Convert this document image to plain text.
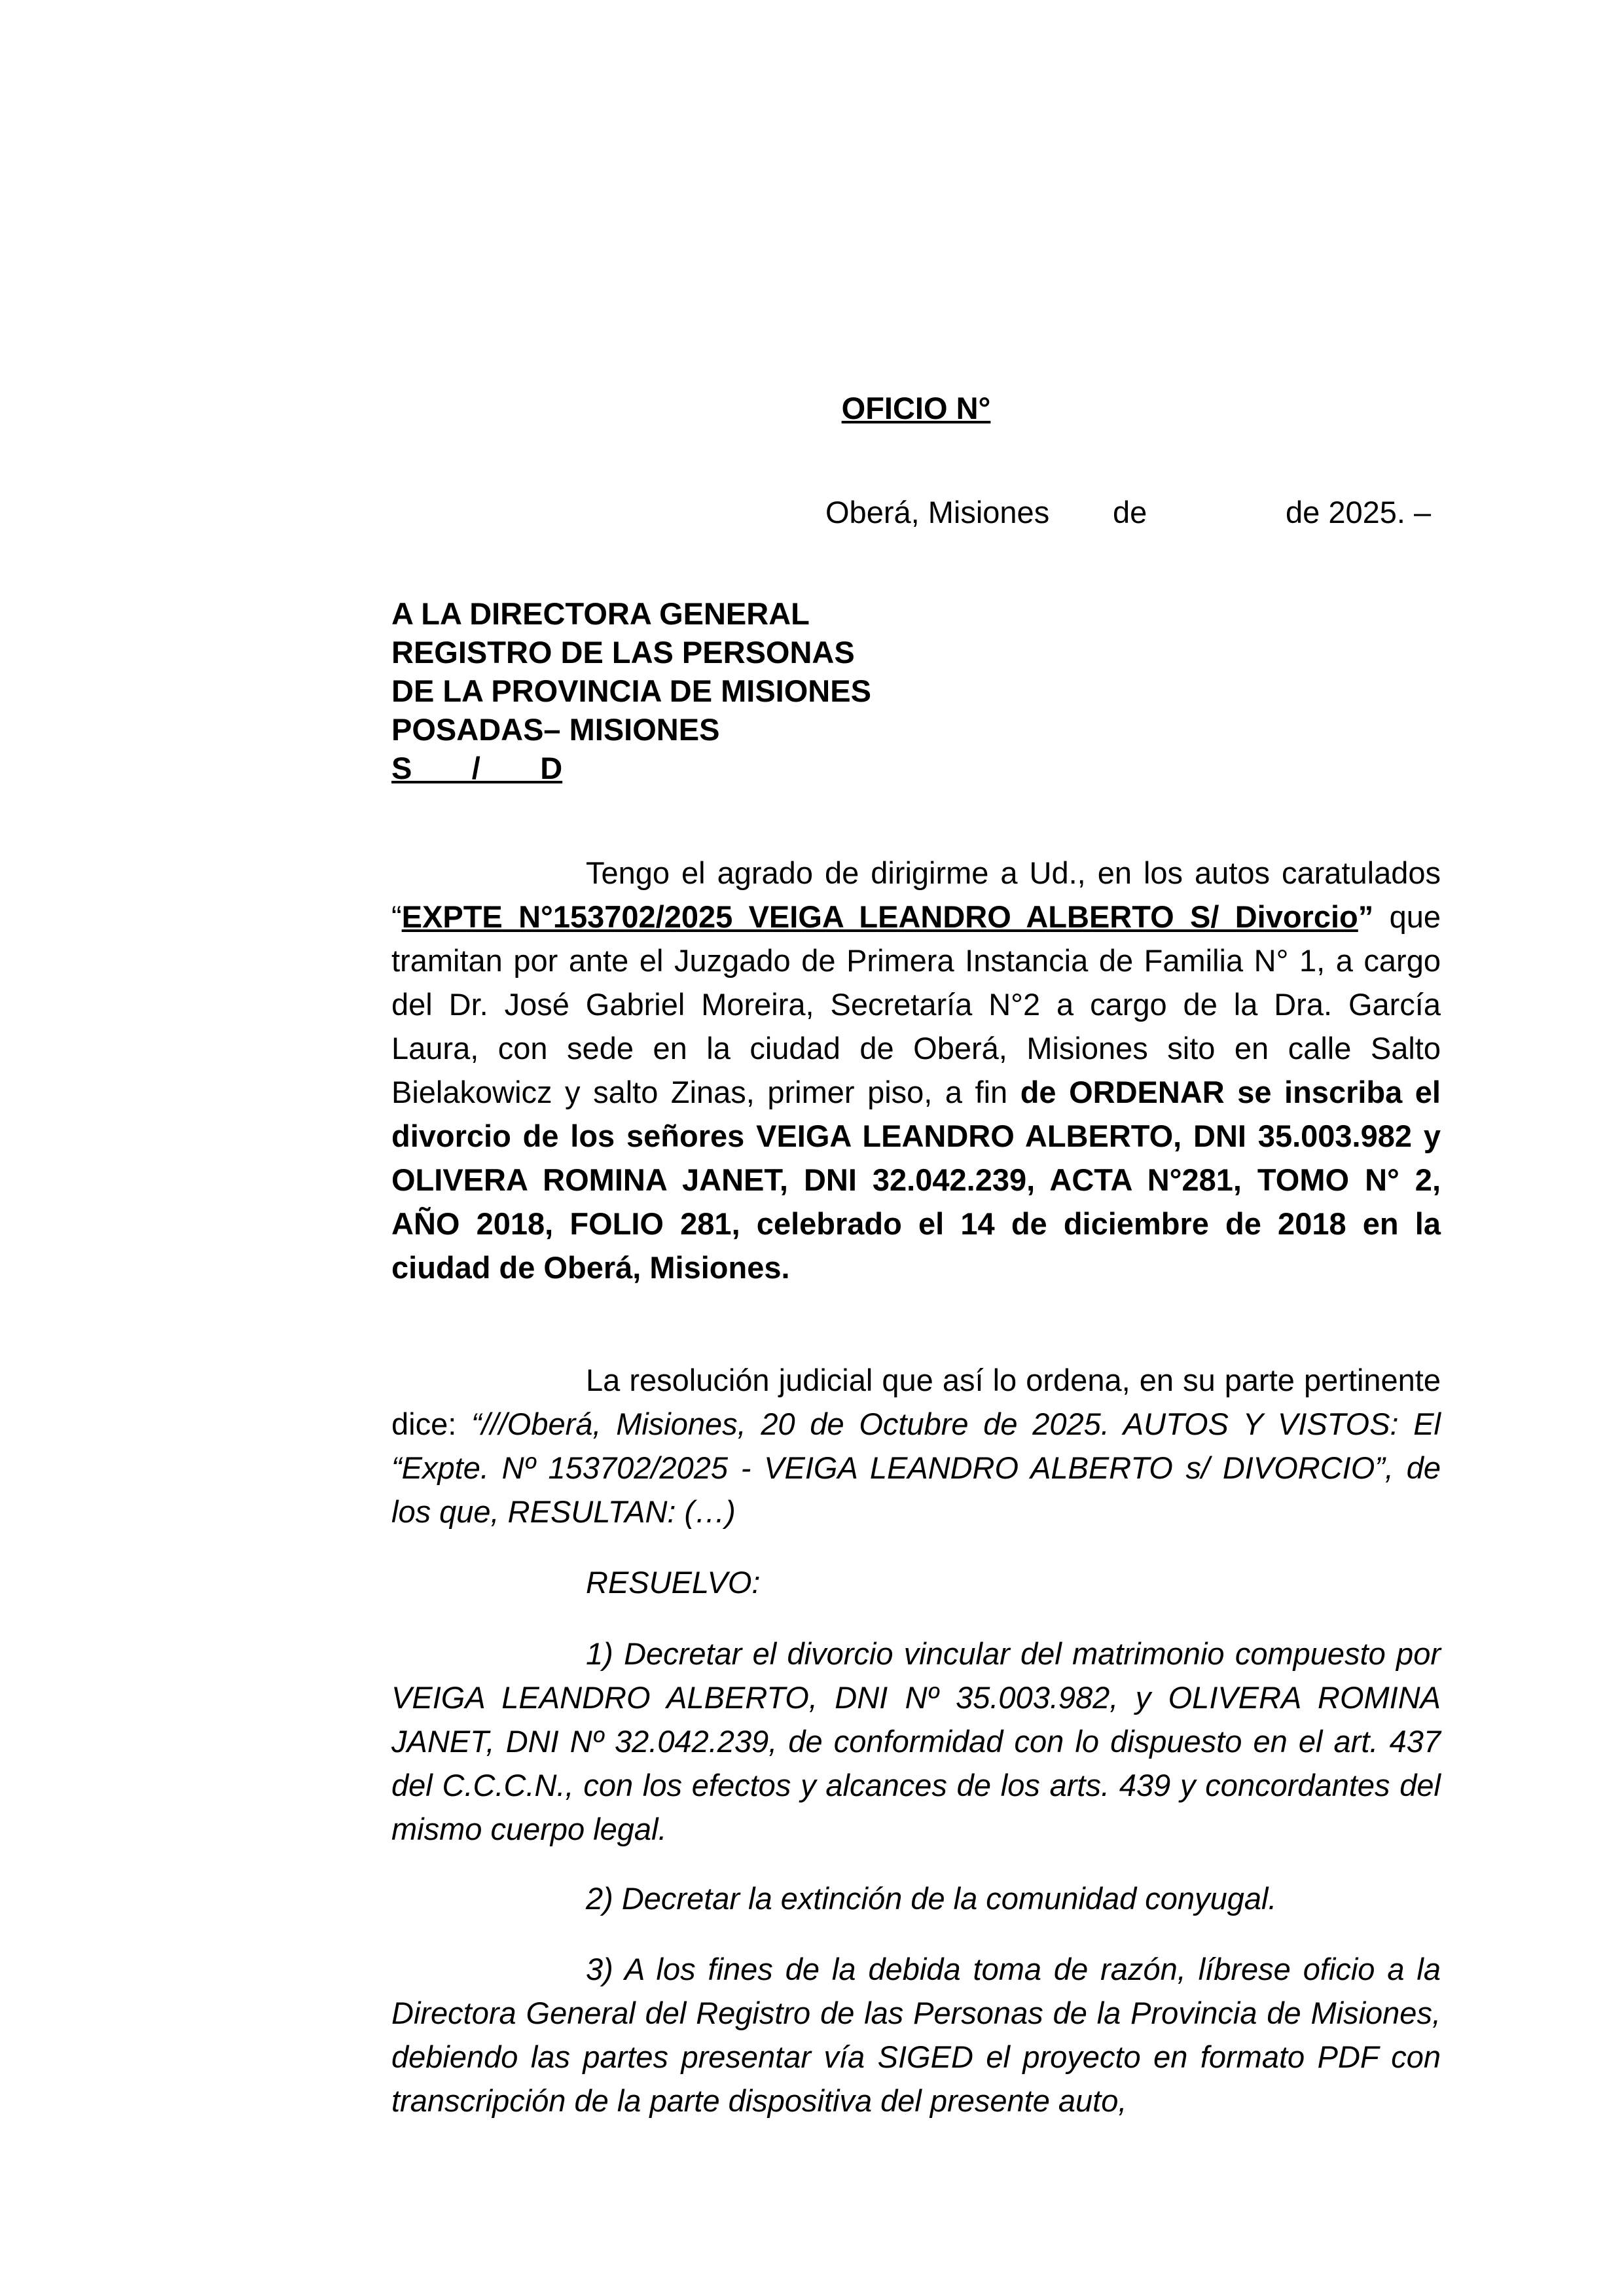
OFICIO N°
Oberá, Misiones de	de 2025. –
A LA DIRECTORA GENERAL
REGISTRO DE LAS PERSONAS
DE LA PROVINCIA DE MISIONES
POSADAS– MISIONES
S       /       D
Tengo el agrado de dirigirme a Ud., en los autos caratulados “EXPTE N°153702/2025 VEIGA LEANDRO ALBERTO S/ Divorcio” que tramitan por ante el Juzgado de Primera Instancia de Familia N° 1, a cargo del Dr. José Gabriel Moreira, Secretaría N°2 a cargo de la Dra. García Laura, con sede en la ciudad de Oberá, Misiones sito en calle Salto Bielakowicz y salto Zinas, primer piso, a fin de ORDENAR se inscriba el divorcio de los señores VEIGA LEANDRO ALBERTO, DNI 35.003.982 y OLIVERA ROMINA JANET, DNI 32.042.239, ACTA N°281, TOMO N° 2, AÑO 2018, FOLIO 281, celebrado el 14 de diciembre de 2018 en la ciudad de Oberá, Misiones.
La resolución judicial que así lo ordena, en su parte pertinente dice: “///Oberá, Misiones, 20 de Octubre de 2025. AUTOS Y VISTOS: El “Expte. Nº 153702/2025 - VEIGA LEANDRO ALBERTO s/ DIVORCIO”, de los que, RESULTAN: (…)
RESUELVO:
1) Decretar el divorcio vincular del matrimonio compuesto por VEIGA LEANDRO ALBERTO, DNI Nº 35.003.982, y OLIVERA ROMINA JANET, DNI Nº 32.042.239, de conformidad con lo dispuesto en el art. 437 del C.C.C.N., con los efectos y alcances de los arts. 439 y concordantes del mismo cuerpo legal.
2) Decretar la extinción de la comunidad conyugal.
3) A los fines de la debida toma de razón, líbrese oficio a la Directora General del Registro de las Personas de la Provincia de Misiones, debiendo las partes presentar vía SIGED el proyecto en formato PDF con transcripción de la parte dispositiva del presente auto,
